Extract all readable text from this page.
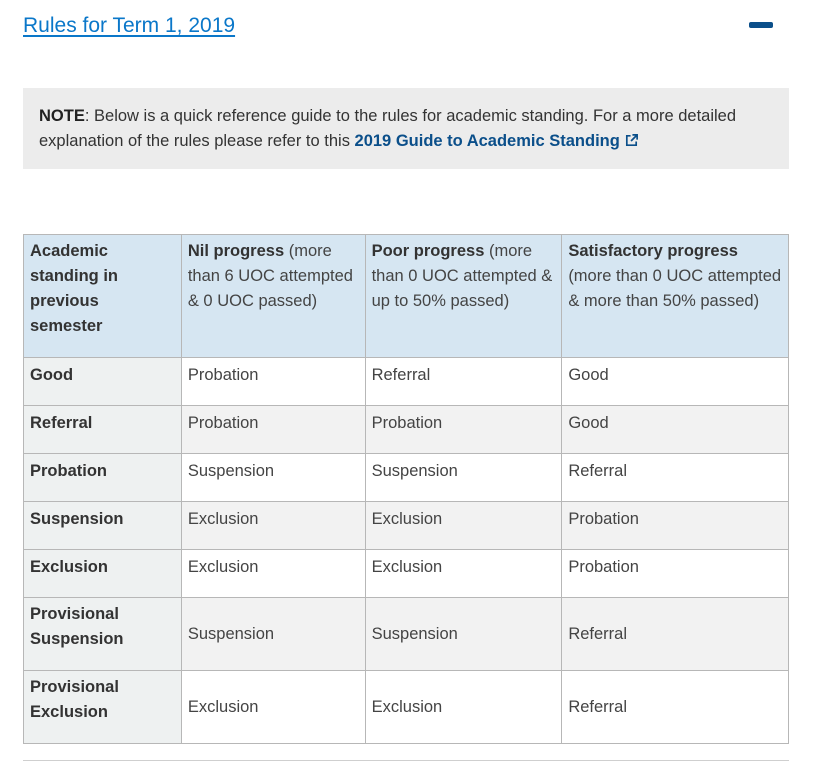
Rules for Term 1, 2019
NOTE: Below is a quick reference guide to the rules for academic standing. For a more detailed explanation of the rules please refer to this 2019 Guide to Academic Standing
Academic standing in previous semester	Nil progress (more than 6 UOC attempted & 0 UOC passed)	Poor progress (more than 0 UOC attempted & up to 50% passed)	Satisfactory progress (more than 0 UOC attempted & more than 50% passed)
Good	Probation	Referral	Good
Referral	Probation	Probation	Good
Probation	Suspension	Suspension	Referral
Suspension	Exclusion	Exclusion	Probation
Exclusion	Exclusion	Exclusion	Probation
Provisional Suspension	Suspension	Suspension	Referral
Provisional Exclusion	Exclusion	Exclusion	Referral
